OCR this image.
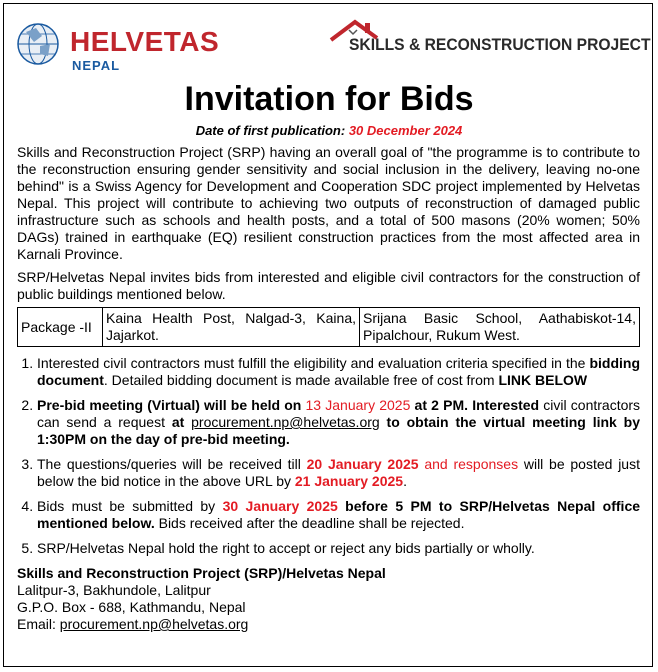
HELVETAS
NEPAL
SKILLS & RECONSTRUCTION PROJECT
Invitation for Bids
Date of first publication: 30 December 2024

Skills and Reconstruction Project (SRP) having an overall goal of "the programme is to contribute to the reconstruction ensuring gender sensitivity and social inclusion in the delivery, leaving no-one behind" is a Swiss Agency for Development and Cooperation SDC project implemented by Helvetas Nepal. This project will contribute to achieving two outputs of reconstruction of damaged public infrastructure such as schools and health posts, and a total of 500 masons (20% women; 50% DAGs) trained in earthquake (EQ) resilient construction practices from the most affected area in Karnali Province.

SRP/Helvetas Nepal invites bids from interested and eligible civil contractors for the construction of public buildings mentioned below.

Package -II	Kaina Health Post, Nalgad-3, Kaina, Jajarkot.	Srijana Basic School, Aathabiskot-14, Pipalchour, Rukum West.
1. Interested civil contractors must fulfill the eligibility and evaluation criteria specified in the bidding document. Detailed bidding document is made available free of cost from LINK BELOW
2. Pre-bid meeting (Virtual) will be held on 13 January 2025 at 2 PM. Interested civil contractors can send a request at procurement.np@helvetas.org to obtain the virtual meeting link by 1:30PM on the day of pre-bid meeting.
3. The questions/queries will be received till 20 January 2025 and responses will be posted just below the bid notice in the above URL by 21 January 2025.
4. Bids must be submitted by 30 January 2025 before 5 PM to SRP/Helvetas Nepal office mentioned below. Bids received after the deadline shall be rejected.
5. SRP/Helvetas Nepal hold the right to accept or reject any bids partially or wholly.
Skills and Reconstruction Project (SRP)/Helvetas Nepal
Lalitpur-3, Bakhundole, Lalitpur
G.P.O. Box - 688, Kathmandu, Nepal
Email: procurement.np@helvetas.org
